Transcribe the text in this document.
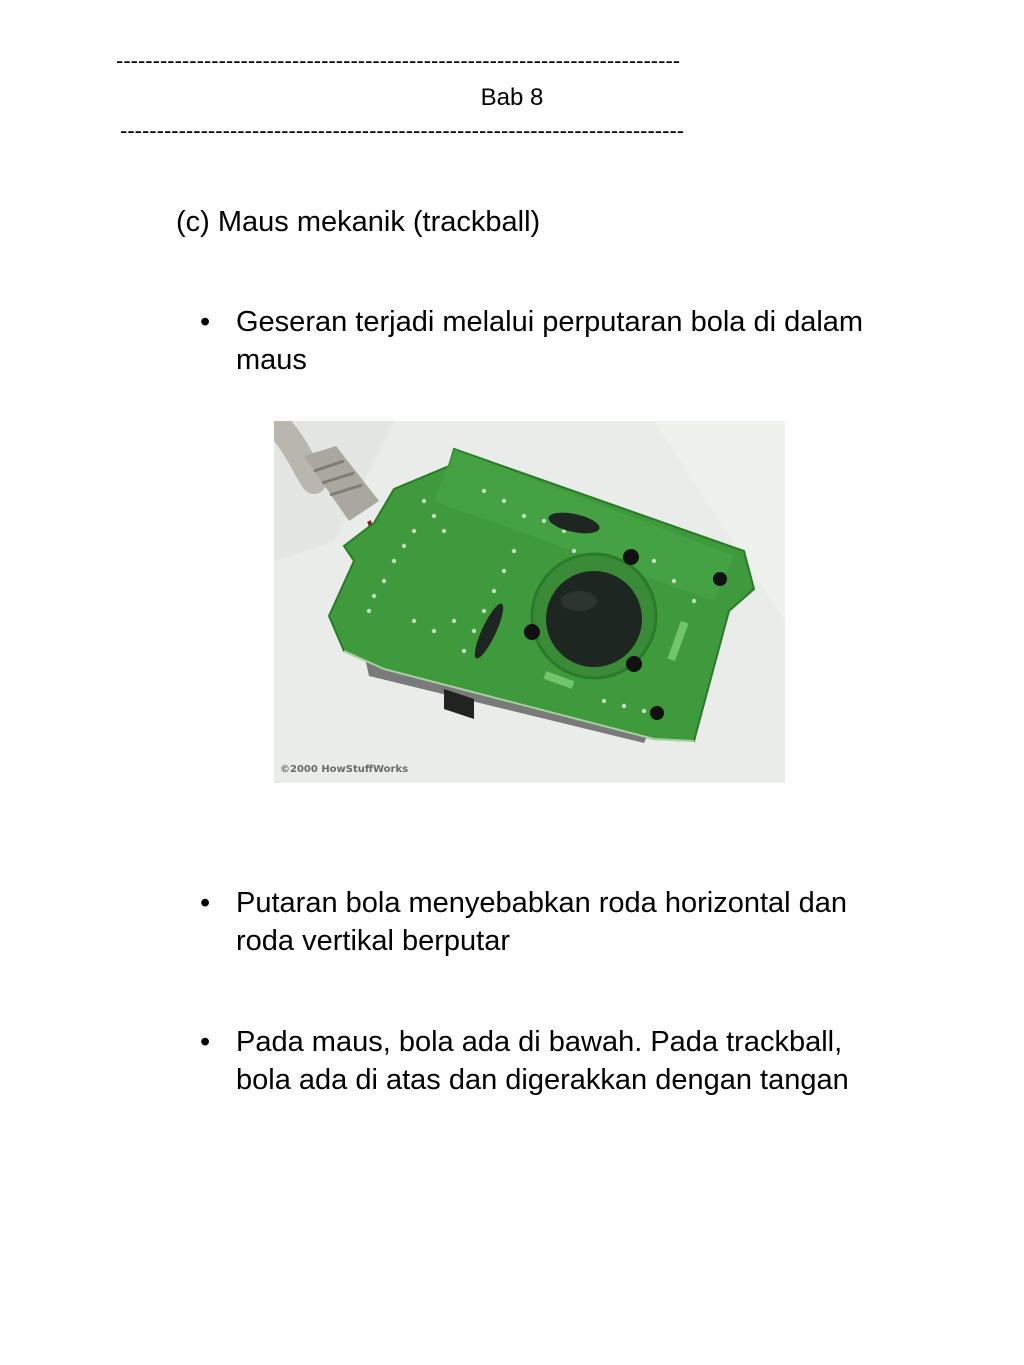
-----------------------------------------------------------------------------
Bab 8
-----------------------------------------------------------------------------
(c) Maus mekanik (trackball)
• Geseran terjadi melalui perputaran bola di dalam maus
©2000 HowStuffWorks
• Putaran bola menyebabkan roda horizontal dan roda vertikal berputar
• Pada maus, bola ada di bawah. Pada trackball, bola ada di atas dan digerakkan dengan tangan
